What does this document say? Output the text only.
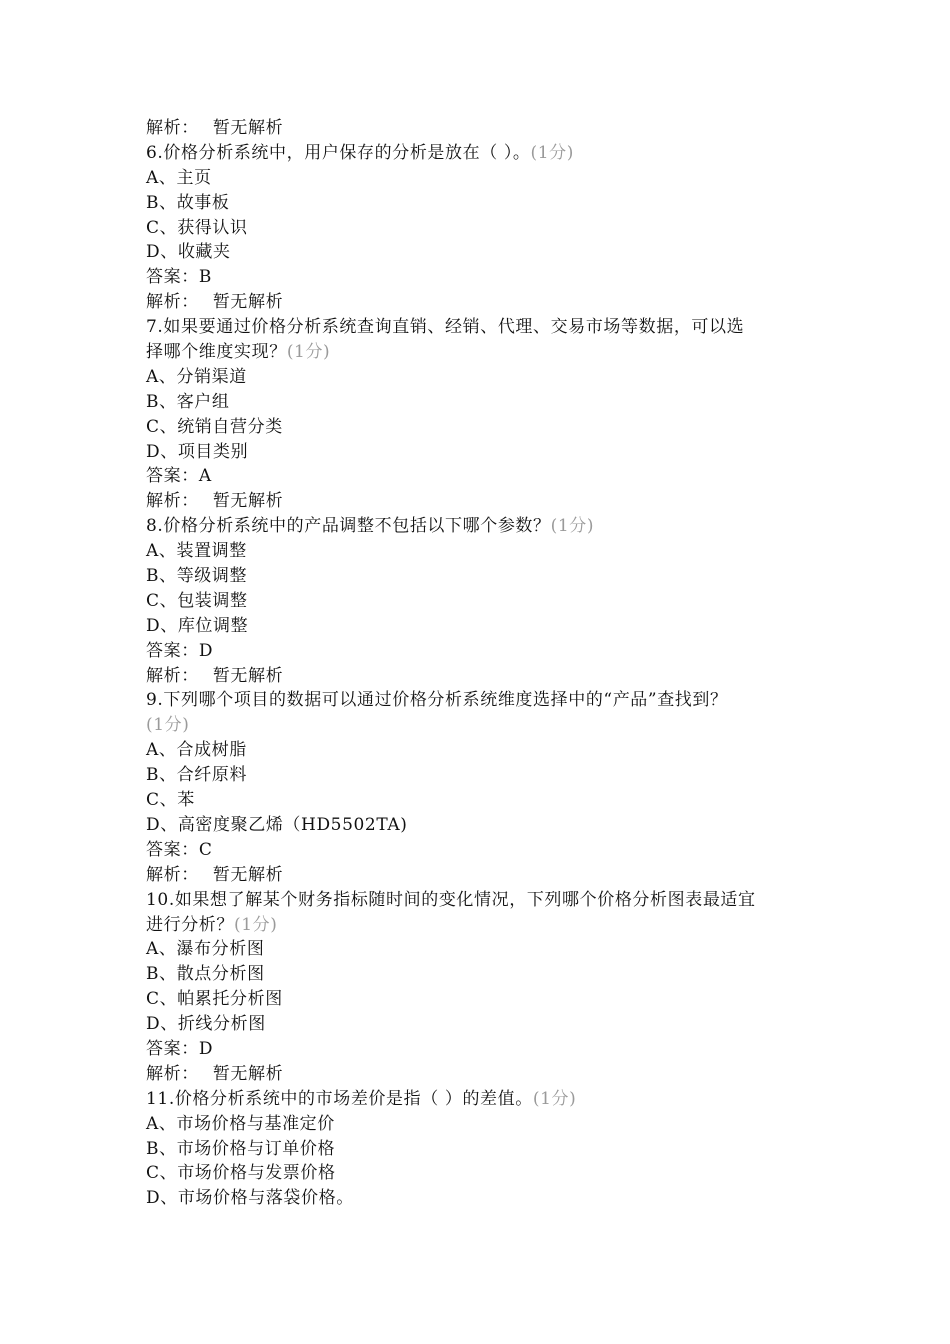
解析： 暂无解析
6.价格分析系统中，用户保存的分析是放在（ ）。(1分)
A、主页
B、故事板
C、获得认识
D、收藏夹
答案：B
解析： 暂无解析
7.如果要通过价格分析系统查询直销、经销、代理、交易市场等数据，可以选
择哪个维度实现？(1分)
A、分销渠道
B、客户组
C、统销自营分类
D、项目类别
答案：A
解析： 暂无解析
8.价格分析系统中的产品调整不包括以下哪个参数？(1分)
A、装置调整
B、等级调整
C、包装调整
D、库位调整
答案：D
解析： 暂无解析
9.下列哪个项目的数据可以通过价格分析系统维度选择中的“产品”查找到？
(1分)
A、合成树脂
B、合纤原料
C、苯
D、高密度聚乙烯（HD5502TA)
答案：C
解析： 暂无解析
10.如果想了解某个财务指标随时间的变化情况，下列哪个价格分析图表最适宜
进行分析？(1分)
A、瀑布分析图
B、散点分析图
C、帕累托分析图
D、折线分析图
答案：D
解析： 暂无解析
11.价格分析系统中的市场差价是指（ ）的差值。(1分)
A、市场价格与基准定价
B、市场价格与订单价格
C、市场价格与发票价格
D、市场价格与落袋价格。
